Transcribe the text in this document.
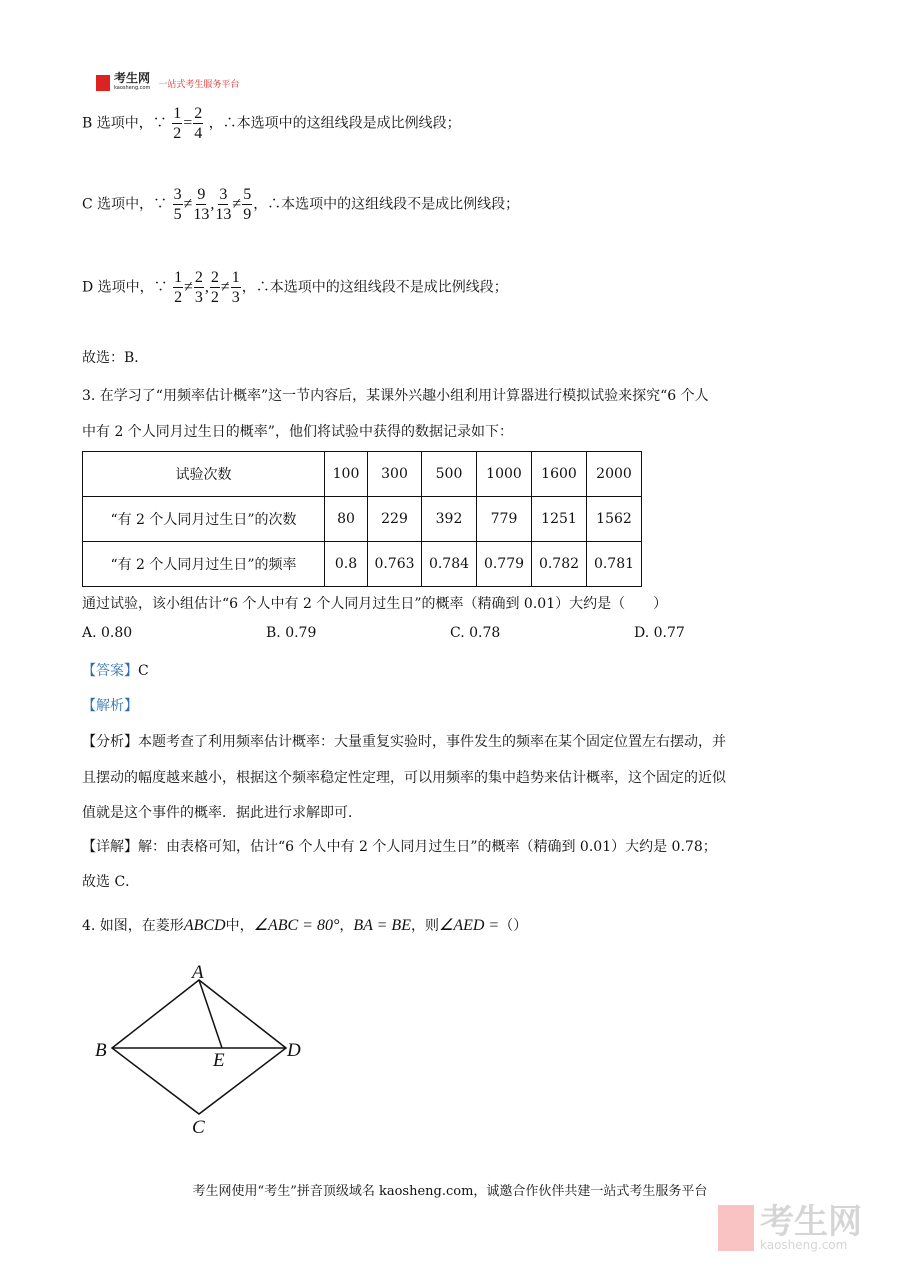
考生网
kaosheng.com 一站式考生服务平台
B 选项中，∵ $\frac{1}{2} = \frac{2}{4}$ ，∴本选项中的这组线段是成比例线段；
C 选项中，∵ $\frac{3}{5} \ne \frac{9}{13}$ , $\frac{3}{13} \ne \frac{5}{9}$ ，∴本选项中的这组线段不是成比例线段；
D 选项中，∵ $\frac{1}{2} \ne \frac{2}{3}$ , $\frac{2}{2} \ne \frac{1}{3}$ ，∴本选项中的这组线段不是成比例线段；
故选：B．
3. 在学习了“用频率估计概率”这一节内容后，某课外兴趣小组利用计算器进行模拟试验来探究“6 个人
中有 2 个人同月过生日的概率”，他们将试验中获得的数据记录如下：
试验次数	100	300	500	1000	1600	2000
“有 2 个人同月过生日”的次数	80	229	392	779	1251	1562
“有 2 个人同月过生日”的频率	0.8	0.763	0.784	0.779	0.782	0.781
通过试验，该小组估计“6 个人中有 2 个人同月过生日”的概率（精确到 0.01）大约是（　　）
A. 0.80	B. 0.79	C. 0.78	D. 0.77
【答案】C
【解析】
【分析】本题考查了利用频率估计概率：大量重复实验时，事件发生的频率在某个固定位置左右摆动，并
且摆动的幅度越来越小，根据这个频率稳定性定理，可以用频率的集中趋势来估计概率，这个固定的近似
值就是这个事件的概率．据此进行求解即可．
【详解】解：由表格可知，估计“6 个人中有 2 个人同月过生日”的概率（精确到 0.01）大约是 0.78；
故选 C．
4. 如图，在菱形ABCD中，∠ABC = 80°，BA = BE，则∠AED =（）
A
B	D
E
C
考生网使用“考生”拼音顶级域名 kaosheng.com，诚邀合作伙伴共建一站式考生服务平台
考生网
kaosheng.com
